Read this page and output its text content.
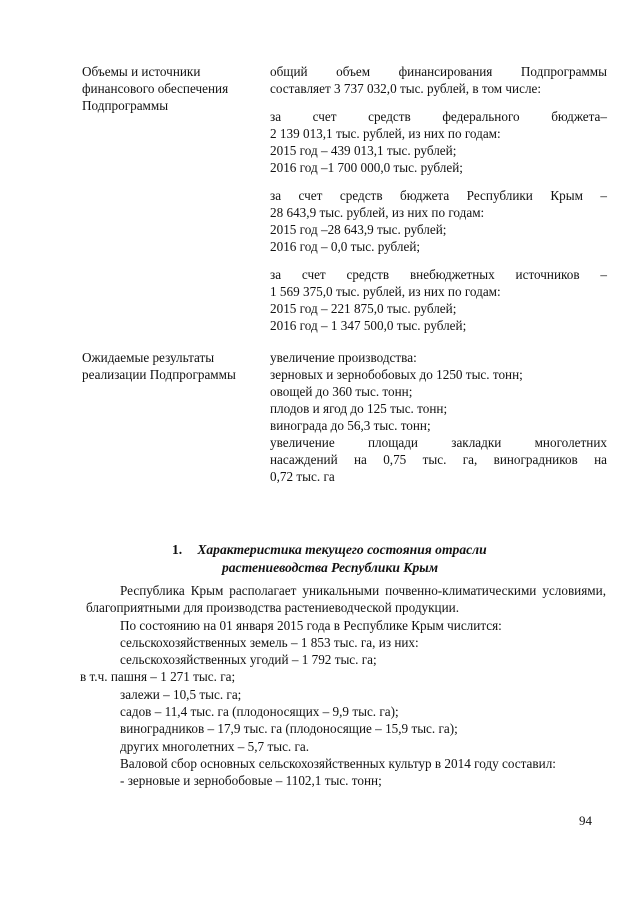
Объемы и источники
финансового обеспечения
Подпрограммы
общий объем финансирования Подпрограммы
составляет 3 737 032,0 тыс. рублей, в том числе:
за счет средств федерального бюджета–
2 139 013,1 тыс. рублей, из них по годам:
2015 год – 439 013,1 тыс. рублей;
2016 год –1 700 000,0 тыс. рублей;
за счет средств бюджета Республики Крым –
28 643,9 тыс. рублей, из них по годам:
2015 год –28 643,9 тыс. рублей;
2016 год – 0,0 тыс. рублей;
за счет средств внебюджетных источников –
1 569 375,0 тыс. рублей, из них по годам:
2015 год – 221 875,0 тыс. рублей;
2016 год – 1 347 500,0 тыс. рублей;
Ожидаемые результаты
реализации Подпрограммы
увеличение производства:
зерновых и зернобобовых до 1250 тыс. тонн;
овощей до 360 тыс. тонн;
плодов и ягод до 125 тыс. тонн;
винограда до 56,3 тыс. тонн;
увеличение площади закладки многолетних
насаждений на 0,75 тыс. га, виноградников на
0,72 тыс. га
1.	Характеристика текущего состояния отрасли
растениеводства Республики Крым
Республика Крым располагает уникальными почвенно-климатическими условиями, благоприятными для производства растениеводческой продукции.
По состоянию на 01 января 2015 года в Республике Крым числится:
сельскохозяйственных земель – 1 853 тыс. га, из них:
сельскохозяйственных угодий – 1 792 тыс. га;
в т.ч. пашня – 1 271 тыс. га;
залежи – 10,5 тыс. га;
садов – 11,4 тыс. га (плодоносящих – 9,9 тыс. га);
виноградников – 17,9 тыс. га (плодоносящие – 15,9 тыс. га);
других многолетних – 5,7 тыс. га.
Валовой сбор основных сельскохозяйственных культур в 2014 году составил:
- зерновые и зернобобовые – 1102,1 тыс. тонн;
94
